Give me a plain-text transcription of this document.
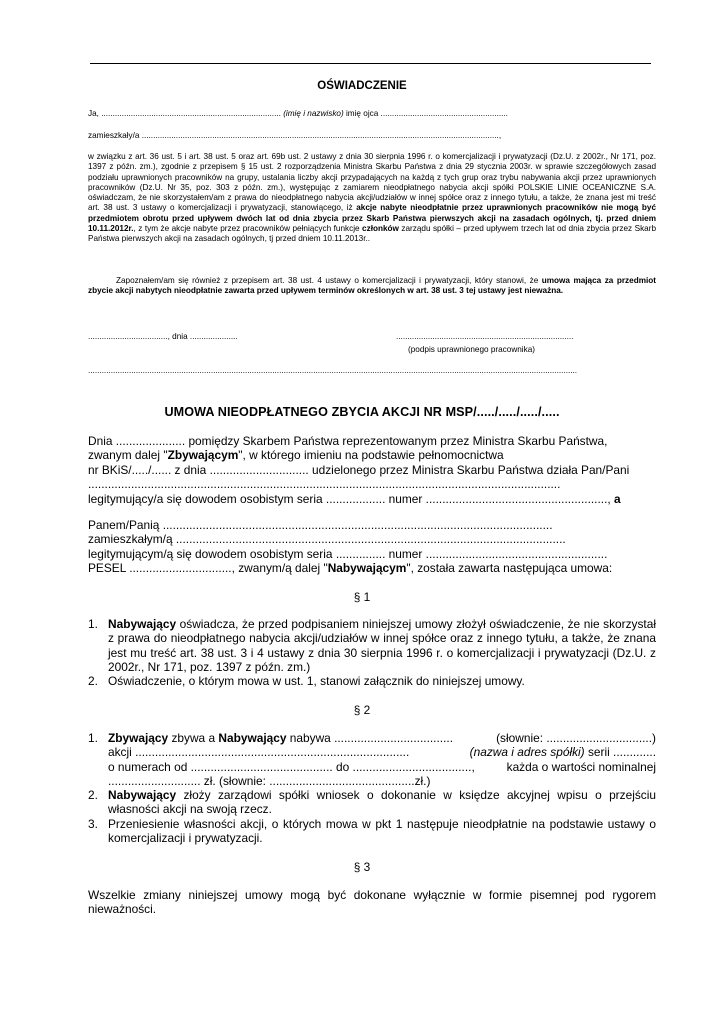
OŚWIADCZENIE
Ja, ............................................................................... (imię i nazwisko) imię ojca ........................................................
zamieszkały/a .............................................................................................................................................................,
w związku z art. 36 ust. 5 i art. 38 ust. 5 oraz art. 69b ust. 2 ustawy z dnia 30 sierpnia 1996 r. o komercjalizacji i prywatyzacji (Dz.U. z 2002r., Nr 171, poz. 1397 z późn. zm.), zgodnie z przepisem § 15 ust. 2 rozporządzenia Ministra Skarbu Państwa z dnia 29 stycznia 2003r. w sprawie szczegółowych zasad podziału uprawnionych pracowników na grupy, ustalania liczby akcji przypadających na każdą z tych grup oraz trybu nabywania akcji przez uprawnionych pracowników (Dz.U. Nr 35, poz. 303 z późn. zm.), występując z zamiarem nieodpłatnego nabycia akcji spółki POLSKIE LINIE OCEANICZNE S.A. oświadczam, że nie skorzystałem/am z prawa do nieodpłatnego nabycia akcji/udziałów w innej spółce oraz z innego tytułu, a także, że znana jest mi treść art. 38 ust. 3 ustawy o komercjalizacji i prywatyzacji, stanowiącego, iż akcje nabyte nieodpłatnie przez uprawnionych pracowników nie mogą być przedmiotem obrotu przed upływem dwóch lat od dnia zbycia przez Skarb Państwa pierwszych akcji na zasadach ogólnych, tj. przed dniem 10.11.2012r., z tym że akcje nabyte przez pracowników pełniących funkcje członków zarządu spółki – przed upływem trzech lat od dnia zbycia przez Skarb Państwa pierwszych akcji na zasadach ogólnych, tj przed dniem 10.11.2013r..
Zapoznałem/am się również z przepisem art. 38 ust. 4 ustawy o komercjalizacji i prywatyzacji, który stanowi, że umowa mająca za przedmiot zbycie akcji nabytych nieodpłatnie zawarta przed upływem terminów określonych w art. 38 ust. 3 tej ustawy jest nieważna.
..................................., dnia .....................	..............................................................................
(podpis uprawnionego pracownika)
.......................................................................................................................................................................................................................
UMOWA NIEODPŁATNEGO ZBYCIA AKCJI NR MSP/...../...../...../.....
Dnia ..................... pomiędzy Skarbem Państwa reprezentowanym przez Ministra Skarbu Państwa,
zwanym dalej "Zbywającym", w którego imieniu na podstawie pełnomocnictwa
nr BKiS/...../...... z dnia .............................. udzielonego przez Ministra Skarbu Państwa działa Pan/Pani
...............................................................................................................................................
legitymujący/a się dowodem osobistym seria .................. numer ......................................................., a
Panem/Panią ......................................................................................................................
zamieszkałym/ą ......................................................................................................................
legitymującym/ą się dowodem osobistym seria ............... numer .......................................................
PESEL ..............................., zwanym/ą dalej "Nabywającym", została zawarta następująca umowa:
§ 1
1. Nabywający oświadcza, że przed podpisaniem niniejszej umowy złożył oświadczenie, że nie skorzystał z prawa do nieodpłatnego nabycia akcji/udziałów w innej spółce oraz z innego tytułu, a także, że znana jest mu treść art. 38 ust. 3 i 4 ustawy z dnia 30 sierpnia 1996 r. o komercjalizacji i prywatyzacji (Dz.U. z 2002r., Nr 171, poz. 1397 z późn. zm.)
2. Oświadczenie, o którym mowa w ust. 1, stanowi załącznik do niniejszej umowy.
§ 2
1. Zbywający zbywa a Nabywający nabywa ....................................	(słownie: ................................)
akcji ...................................................................................	(nazwa i adres spółki) serii .............
o numerach od ........................................... do ....................................,	każda o wartości nominalnej
............................ zł. (słownie: ............................................zł.)
2. Nabywający złoży zarządowi spółki wniosek o dokonanie w księdze akcyjnej wpisu o przejściu własności akcji na swoją rzecz.
3. Przeniesienie własności akcji, o których mowa w pkt 1 następuje nieodpłatnie na podstawie ustawy o komercjalizacji i prywatyzacji.
§ 3
Wszelkie zmiany niniejszej umowy mogą być dokonane wyłącznie w formie pisemnej pod rygorem nieważności.
